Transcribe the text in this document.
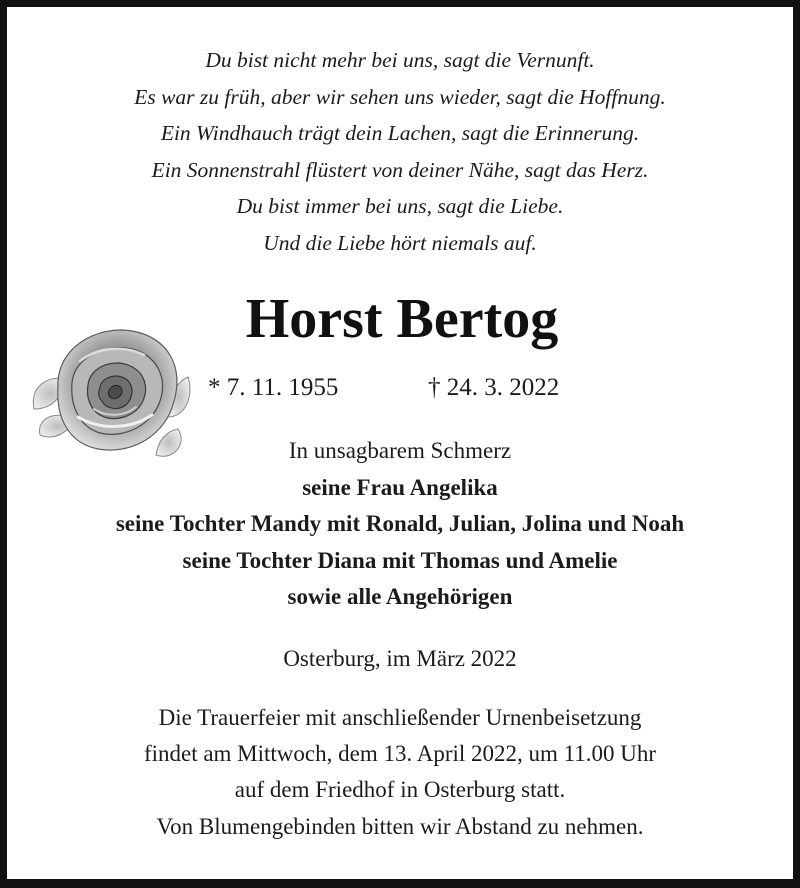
Du bist nicht mehr bei uns, sagt die Vernunft.
Es war zu früh, aber wir sehen uns wieder, sagt die Hoffnung.
Ein Windhauch trägt dein Lachen, sagt die Erinnerung.
Ein Sonnenstrahl flüstert von deiner Nähe, sagt das Herz.
Du bist immer bei uns, sagt die Liebe.
Und die Liebe hört niemals auf.
Horst Bertog
* 7. 11. 1955	† 24. 3. 2022
In unsagbarem Schmerz
seine Frau Angelika
seine Tochter Mandy mit Ronald, Julian, Jolina und Noah
seine Tochter Diana mit Thomas und Amelie
sowie alle Angehörigen
Osterburg, im März 2022
Die Trauerfeier mit anschließender Urnenbeisetzung
findet am Mittwoch, dem 13. April 2022, um 11.00 Uhr
auf dem Friedhof in Osterburg statt.
Von Blumengebinden bitten wir Abstand zu nehmen.
